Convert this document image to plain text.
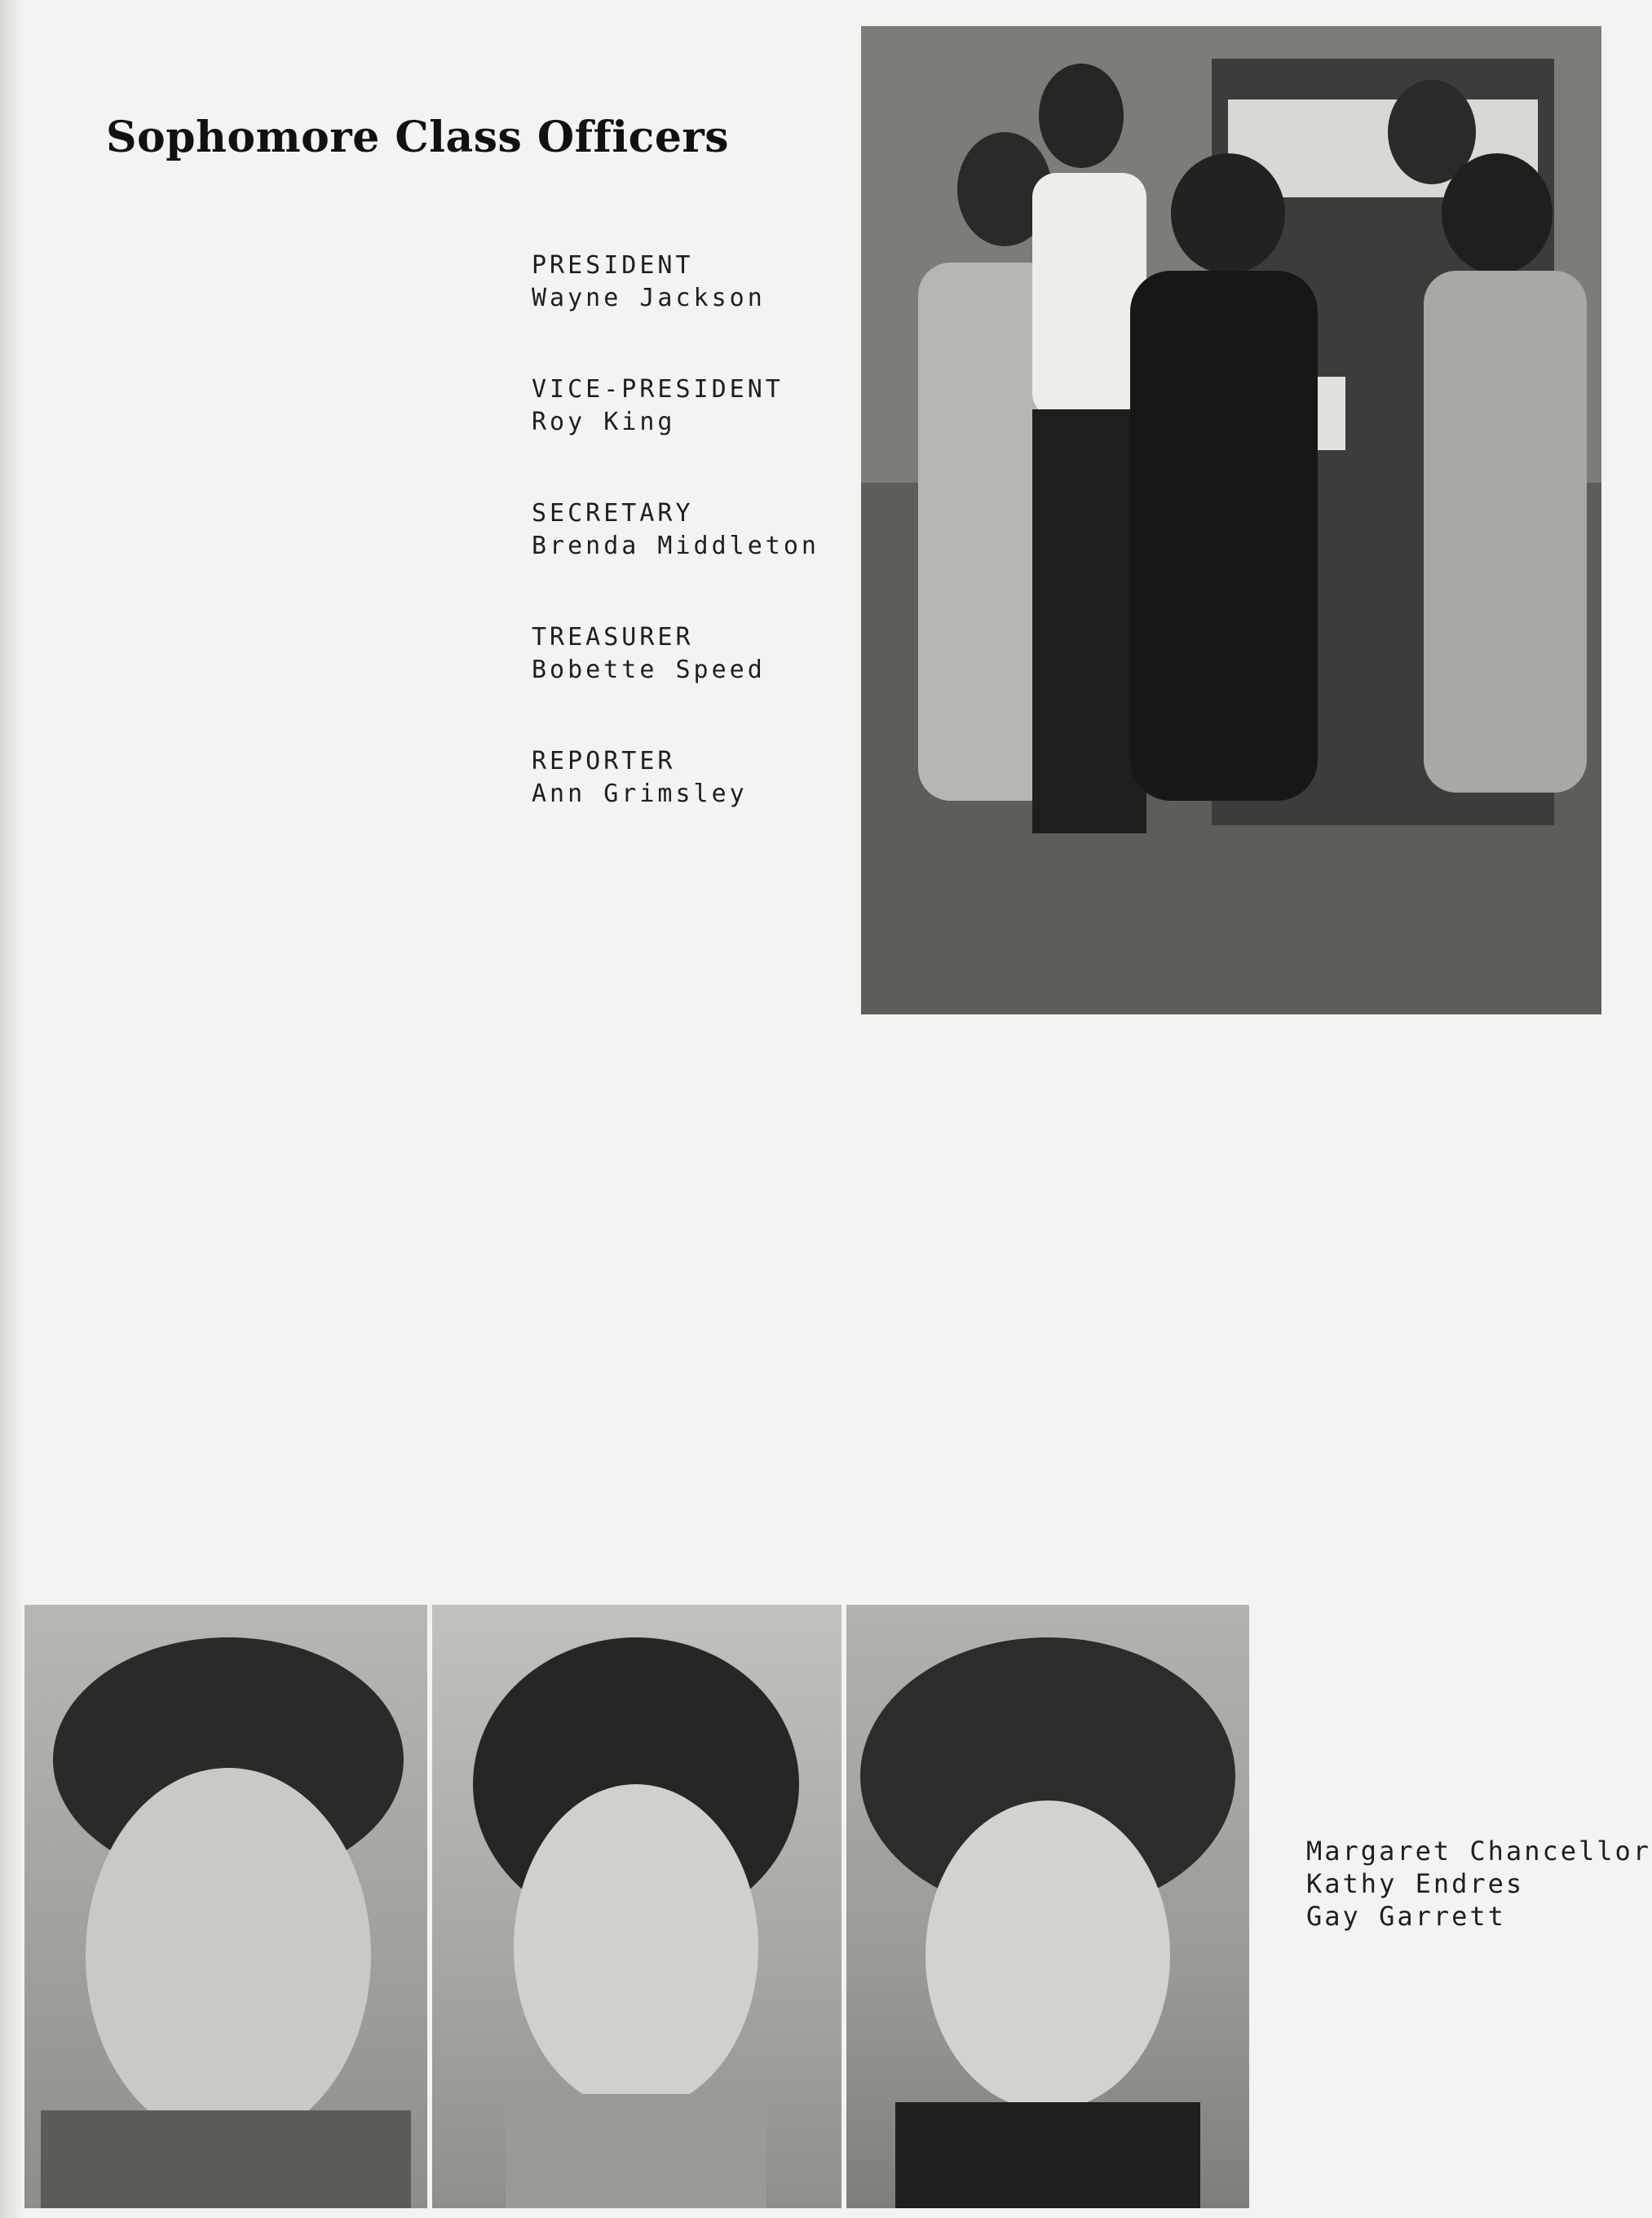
Sophomore Class Officers
PRESIDENT
Wayne Jackson
VICE-PRESIDENT
Roy King
SECRETARY
Brenda Middleton
TREASURER
Bobette Speed
REPORTER
Ann Grimsley
Margaret Chancellor
Kathy Endres
Gay Garrett
